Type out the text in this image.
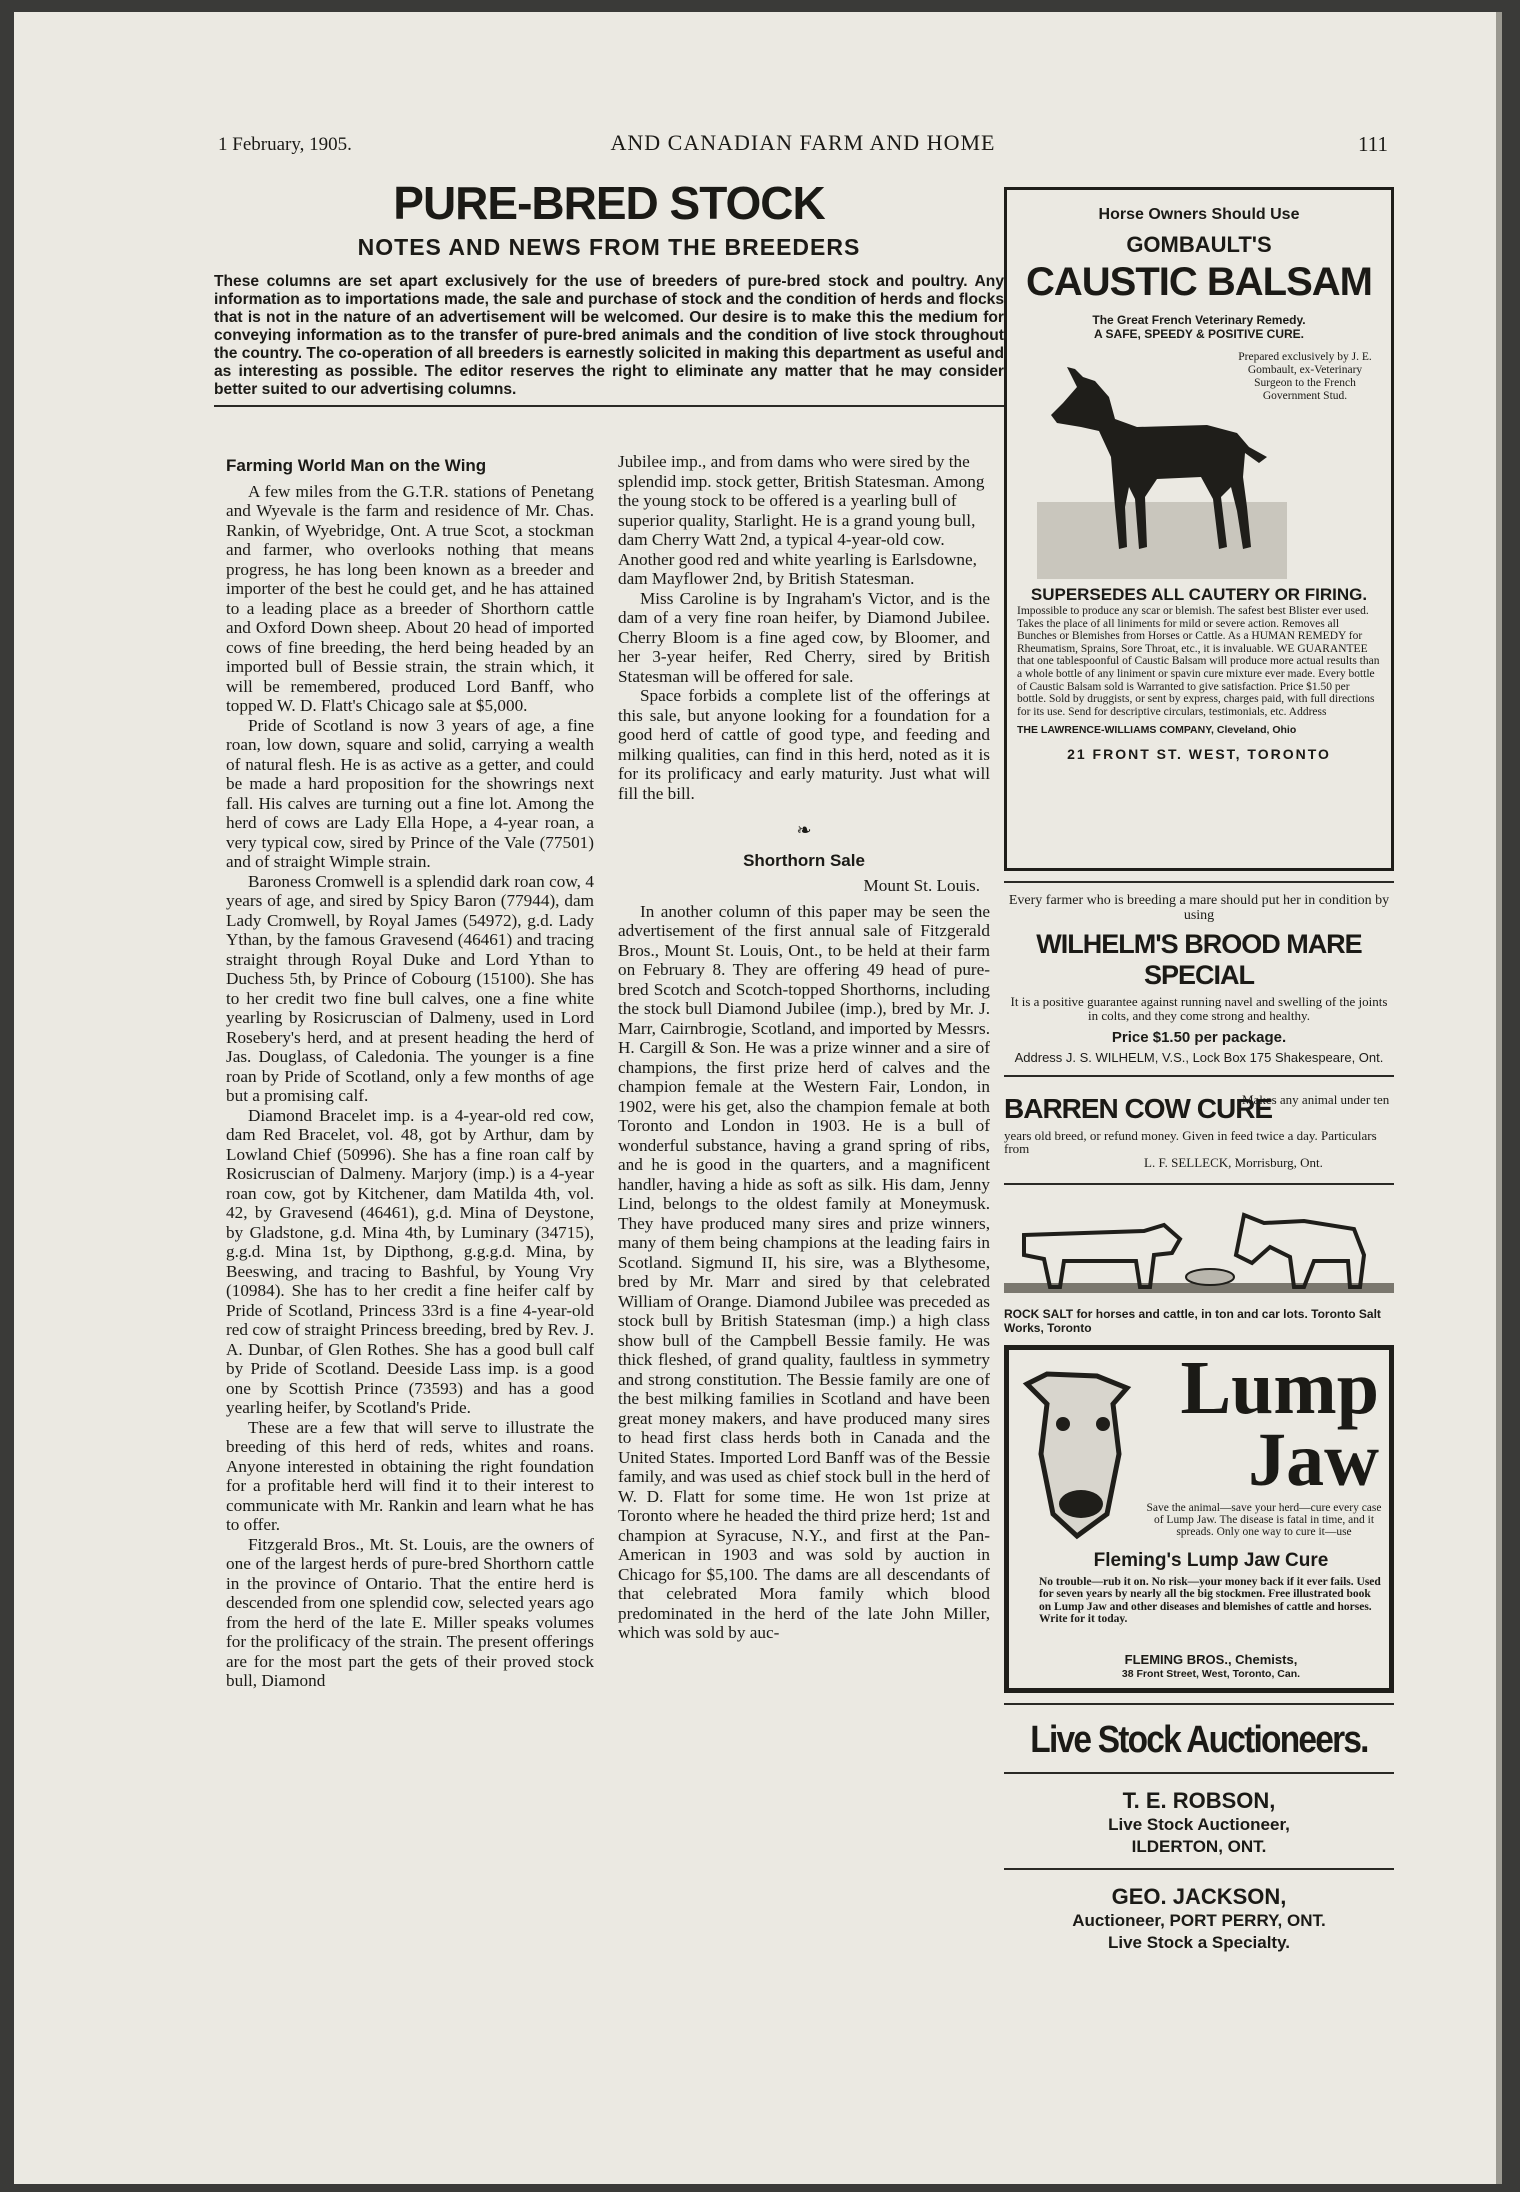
1 February, 1905.	AND CANADIAN FARM AND HOME	111
PURE-BRED STOCK
NOTES AND NEWS FROM THE BREEDERS
These columns are set apart exclusively for the use of breeders of pure-bred stock and poultry. Any information as to importations made, the sale and purchase of stock and the condition of herds and flocks that is not in the nature of an advertisement will be welcomed. Our desire is to make this the medium for conveying information as to the transfer of pure-bred animals and the condition of live stock throughout the country. The co-operation of all breeders is earnestly solicited in making this department as useful and as interesting as possible. The editor reserves the right to eliminate any matter that he may consider better suited to our advertising columns.
Farming World Man on the Wing

A few miles from the G.T.R. stations of Penetang and Wyevale is the farm and residence of Mr. Chas. Rankin, of Wyebridge, Ont. A true Scot, a stockman and farmer, who overlooks nothing that means progress, he has long been known as a breeder and importer of the best he could get, and he has attained to a leading place as a breeder of Shorthorn cattle and Oxford Down sheep. About 20 head of imported cows of fine breeding, the herd being headed by an imported bull of Bessie strain, the strain which, it will be remembered, produced Lord Banff, who topped W. D. Flatt's Chicago sale at $5,000.

Pride of Scotland is now 3 years of age, a fine roan, low down, square and solid, carrying a wealth of natural flesh. He is as active as a getter, and could be made a hard proposition for the showrings next fall. His calves are turning out a fine lot. Among the herd of cows are Lady Ella Hope, a 4-year roan, a very typical cow, sired by Prince of the Vale (77501) and of straight Wimple strain.

Baroness Cromwell is a splendid dark roan cow, 4 years of age, and sired by Spicy Baron (77944), dam Lady Cromwell, by Royal James (54972), g.d. Lady Ythan, by the famous Gravesend (46461) and tracing straight through Royal Duke and Lord Ythan to Duchess 5th, by Prince of Cobourg (15100). She has to her credit two fine bull calves, one a fine white yearling by Rosicruscian of Dalmeny, used in Lord Rosebery's herd, and at present heading the herd of Jas. Douglass, of Caledonia. The younger is a fine roan by Pride of Scotland, only a few months of age but a promising calf.

Diamond Bracelet imp. is a 4-year-old red cow, dam Red Bracelet, vol. 48, got by Arthur, dam by Lowland Chief (50996). She has a fine roan calf by Rosicruscian of Dalmeny. Marjory (imp.) is a 4-year roan cow, got by Kitchener, dam Matilda 4th, vol. 42, by Gravesend (46461), g.d. Mina of Deystone, by Gladstone, g.d. Mina 4th, by Luminary (34715), g.g.d. Mina 1st, by Dipthong, g.g.g.d. Mina, by Beeswing, and tracing to Bashful, by Young Vry (10984). She has to her credit a fine heifer calf by Pride of Scotland, Princess 33rd is a fine 4-year-old red cow of straight Princess breeding, bred by Rev. J. A. Dunbar, of Glen Rothes. She has a good bull calf by Pride of Scotland. Deeside Lass imp. is a good one by Scottish Prince (73593) and has a good yearling heifer, by Scotland's Pride.

These are a few that will serve to illustrate the breeding of this herd of reds, whites and roans. Anyone interested in obtaining the right foundation for a profitable herd will find it to their interest to communicate with Mr. Rankin and learn what he has to offer.

Fitzgerald Bros., Mt. St. Louis, are the owners of one of the largest herds of pure-bred Shorthorn cattle in the province of Ontario. That the entire herd is descended from one splendid cow, selected years ago from the herd of the late E. Miller speaks volumes for the prolificacy of the strain. The present offerings are for the most part the gets of their proved stock bull, Diamond

Jubilee imp., and from dams who were sired by the splendid imp. stock getter, British Statesman. Among the young stock to be offered is a yearling bull of superior quality, Starlight. He is a grand young bull, dam Cherry Watt 2nd, a typical 4-year-old cow. Another good red and white yearling is Earlsdowne, dam Mayflower 2nd, by British Statesman.

Miss Caroline is by Ingraham's Victor, and is the dam of a very fine roan heifer, by Diamond Jubilee. Cherry Bloom is a fine aged cow, by Bloomer, and her 3-year heifer, Red Cherry, sired by British Statesman will be offered for sale.

Space forbids a complete list of the offerings at this sale, but anyone looking for a foundation for a good herd of cattle of good type, and feeding and milking qualities, can find in this herd, noted as it is for its prolificacy and early maturity. Just what will fill the bill.

❧
Shorthorn Sale
Mount St. Louis.

In another column of this paper may be seen the advertisement of the first annual sale of Fitzgerald Bros., Mount St. Louis, Ont., to be held at their farm on February 8. They are offering 49 head of pure-bred Scotch and Scotch-topped Shorthorns, including the stock bull Diamond Jubilee (imp.), bred by Mr. J. Marr, Cairnbrogie, Scotland, and imported by Messrs. H. Cargill & Son. He was a prize winner and a sire of champions, the first prize herd of calves and the champion female at the Western Fair, London, in 1902, were his get, also the champion female at both Toronto and London in 1903. He is a bull of wonderful substance, having a grand spring of ribs, and he is good in the quarters, and a magnificent handler, having a hide as soft as silk. His dam, Jenny Lind, belongs to the oldest family at Moneymusk. They have produced many sires and prize winners, many of them being champions at the leading fairs in Scotland. Sigmund II, his sire, was a Blythesome, bred by Mr. Marr and sired by that celebrated William of Orange. Diamond Jubilee was preceded as stock bull by British Statesman (imp.) a high class show bull of the Campbell Bessie family. He was thick fleshed, of grand quality, faultless in symmetry and strong constitution. The Bessie family are one of the best milking families in Scotland and have been great money makers, and have produced many sires to head first class herds both in Canada and the United States. Imported Lord Banff was of the Bessie family, and was used as chief stock bull in the herd of W. D. Flatt for some time. He won 1st prize at Toronto where he headed the third prize herd; 1st and champion at Syracuse, N.Y., and first at the Pan-American in 1903 and was sold by auction in Chicago for $5,100. The dams are all descendants of that celebrated Mora family which blood predominated in the herd of the late John Miller, which was sold by auc-

Horse Owners Should Use
GOMBAULT'S
CAUSTIC BALSAM
The Great French Veterinary Remedy.
A SAFE, SPEEDY & POSITIVE CURE.
Prepared exclusively by J. E. Gombault, ex-Veterinary Surgeon to the French Government Stud.
SUPERSEDES ALL CAUTERY OR FIRING.
Impossible to produce any scar or blemish. The safest best Blister ever used. Takes the place of all liniments for mild or severe action. Removes all Bunches or Blemishes from Horses or Cattle. As a HUMAN REMEDY for Rheumatism, Sprains, Sore Throat, etc., it is invaluable. WE GUARANTEE that one tablespoonful of Caustic Balsam will produce more actual results than a whole bottle of any liniment or spavin cure mixture ever made. Every bottle of Caustic Balsam sold is Warranted to give satisfaction. Price $1.50 per bottle. Sold by druggists, or sent by express, charges paid, with full directions for its use. Send for descriptive circulars, testimonials, etc. Address
THE LAWRENCE-WILLIAMS COMPANY, Cleveland, Ohio
21 FRONT ST. WEST, TORONTO
Every farmer who is breeding a mare should put her in condition by using
WILHELM'S BROOD MARE SPECIAL
It is a positive guarantee against running navel and swelling of the joints in colts, and they come strong and healthy.
Price $1.50 per package.
Address J. S. WILHELM, V.S., Lock Box 175 Shakespeare, Ont.
BARREN COW CURE
Makes any animal under ten
years old breed, or refund money. Given in feed twice a day. Particulars from
L. F. SELLECK, Morrisburg, Ont.
ROCK SALT for horses and cattle, in ton and car lots. Toronto Salt Works, Toronto
Lump
Jaw
Save the animal—save your herd—cure every case of Lump Jaw. The disease is fatal in time, and it spreads. Only one way to cure it—use
Fleming's Lump Jaw Cure
No trouble—rub it on. No risk—your money back if it ever fails. Used for seven years by nearly all the big stockmen. Free illustrated book on Lump Jaw and other diseases and blemishes of cattle and horses. Write for it today.
FLEMING BROS., Chemists,
38 Front Street, West, Toronto, Can.
Live Stock Auctioneers.
T. E. ROBSON,
Live Stock Auctioneer,
ILDERTON, ONT.
GEO. JACKSON,
Auctioneer, PORT PERRY, ONT.
Live Stock a Specialty.
